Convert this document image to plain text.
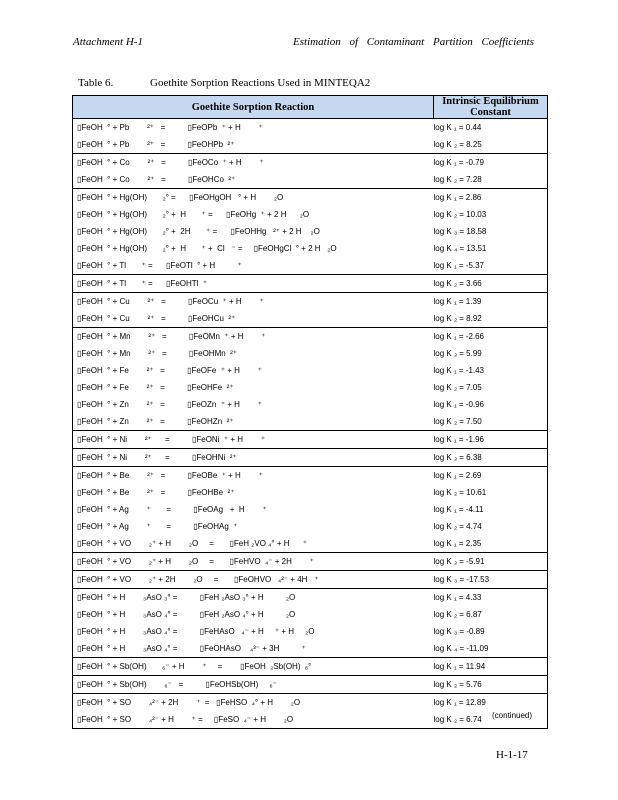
Attachment H-1	Estimation of Contaminant Partition Coefficients
Table 6.	Goethite Sorption Reactions Used in MINTEQA2
Goethite Sorption Reaction	Intrinsic Equilibrium Constant
▯FeOH  ° + Pb        ²⁺   =          ▯FeOPb  ⁺ + H        ⁺	log K ₁ = 0.44
▯FeOH  ° + Pb        ²⁺   =          ▯FeOHPb  ²⁺	log K ₂ = 8.25
▯FeOH  ° + Co        ²⁺   =          ▯FeOCo  ⁺ + H        ⁺	log K ₁ = -0.79
▯FeOH  ° + Co        ²⁺   =          ▯FeOHCo  ²⁺	log K ₂ = 7.28
▯FeOH  ° + Hg(OH)       ₂° =      ▯FeOHgOH   ° + H        ₂O	log K ₁ = 2.86
▯FeOH  ° + Hg(OH)       ₂° +  H       ⁺ =      ▯FeOHg  ⁺ + 2 H      ₂O	log K ₂ = 10.03
▯FeOH  ° + Hg(OH)       ₂° +  2H       ⁺ =      ▯FeOHHg   ²⁺ + 2 H    ₂O	log K ₃ = 18.58
▯FeOH  ° + Hg(OH)       ₂° +  H       ⁺ +  Cl   ⁻ =     ▯FeOHgCl  ° + 2 H   ₂O	log K ₄ = 13.51
▯FeOH  ° + Tl       ⁺ =      ▯FeOTl  ° + H          ⁺	log K ₁ = -5.37
▯FeOH  ° + Tl       ⁺ =      ▯FeOHTl  ⁺	log K ₂ = 3.66
▯FeOH  ° + Cu        ²⁺   =          ▯FeOCu  ⁺ + H        ⁺	log K ₁ = 1.39
▯FeOH  ° + Cu        ²⁺   =          ▯FeOHCu  ²⁺	log K ₂ = 8.92
▯FeOH  ° + Mn        ²⁺   =          ▯FeOMn  ⁺ + H        ⁺	log K ₁ = -2.66
▯FeOH  ° + Mn        ²⁺   =          ▯FeOHMn  ²⁺	log K ₂ = 5.99
▯FeOH  ° + Fe        ²⁺   =          ▯FeOFe  ⁺ + H        ⁺	log K ₁ = -1.43
▯FeOH  ° + Fe        ²⁺   =          ▯FeOHFe  ²⁺	log K ₂ = 7.05
▯FeOH  ° + Zn        ²⁺   =          ▯FeOZn  ⁺ + H        ⁺	log K ₁ = -0.96
▯FeOH  ° + Zn        ²⁺   =          ▯FeOHZn  ²⁺	log K ₂ = 7.50
▯FeOH  ° + Ni        ²⁺      =          ▯FeONi  ⁺ + H        ⁺	log K ₁ = -1.96
▯FeOH  ° + Ni        ²⁺      =          ▯FeOHNi  ²⁺	log K ₂ = 6.38
▯FeOH  ° + Be        ²⁺   =          ▯FeOBe  ⁺ + H        ⁺	log K ₁ = 2.69
▯FeOH  ° + Be        ²⁺   =          ▯FeOHBe  ²⁺	log K ₂ = 10.61
▯FeOH  ° + Ag        ⁺       =          ▯FeOAg   +  H        ⁺	log K ₁ = -4.11
▯FeOH  ° + Ag        ⁺       =          ▯FeOHAg  ⁺	log K ₂ = 4.74
▯FeOH  ° + VO        ₂⁺ + H        ₂O     =       ▯FeH ₂VO ₄° + H      ⁺	log K ₁ = 2.35
▯FeOH  ° + VO        ₂⁺ + H        ₂O     =       ▯FeHVO  ₄⁻ + 2H        ⁺	log K ₂ = -5.91
▯FeOH  ° + VO        ₂⁺ + 2H        ₂O     =       ▯FeOHVO   ₄²⁻ + 4H   ⁺	log K ₃ = -17.53
▯FeOH  ° + H        ₃AsO ₃° =          ▯FeH ₂AsO ₃° + H          ₂O	log K ₁ = 4.33
▯FeOH  ° + H        ₃AsO ₄° =          ▯FeH ₂AsO ₄° + H          ₂O	log K ₂ = 6.87
▯FeOH  ° + H        ₃AsO ₄° =          ▯FeHAsO   ₄⁻ + H     ⁺ + H     ₂O	log K ₃ = -0.89
▯FeOH  ° + H        ₃AsO ₄° =          ▯FeOHAsO    ₄³⁻ + 3H          ⁺	log K ₄ = -11.09
▯FeOH  ° + Sb(OH)       ₆⁻ + H        ⁺     =        ▯FeOH  ₂Sb(OH)  ₆°	log K ₁ = 11.94
▯FeOH  ° + Sb(OH)        ₆⁻   =          ▯FeOHSb(OH)     ₆⁻	log K ₂ = 5.76
▯FeOH  ° + SO        ₄²⁻ + 2H        ⁺  =   ▯FeHSO  ₄° + H        ₂O	log K ₁ = 12.89
▯FeOH  ° + SO        ₄²⁻ + H        ⁺ =     ▯FeSO  ₄⁻ + H        ₂O	log K ₂ = 6.74 (continued)
H-1-17
